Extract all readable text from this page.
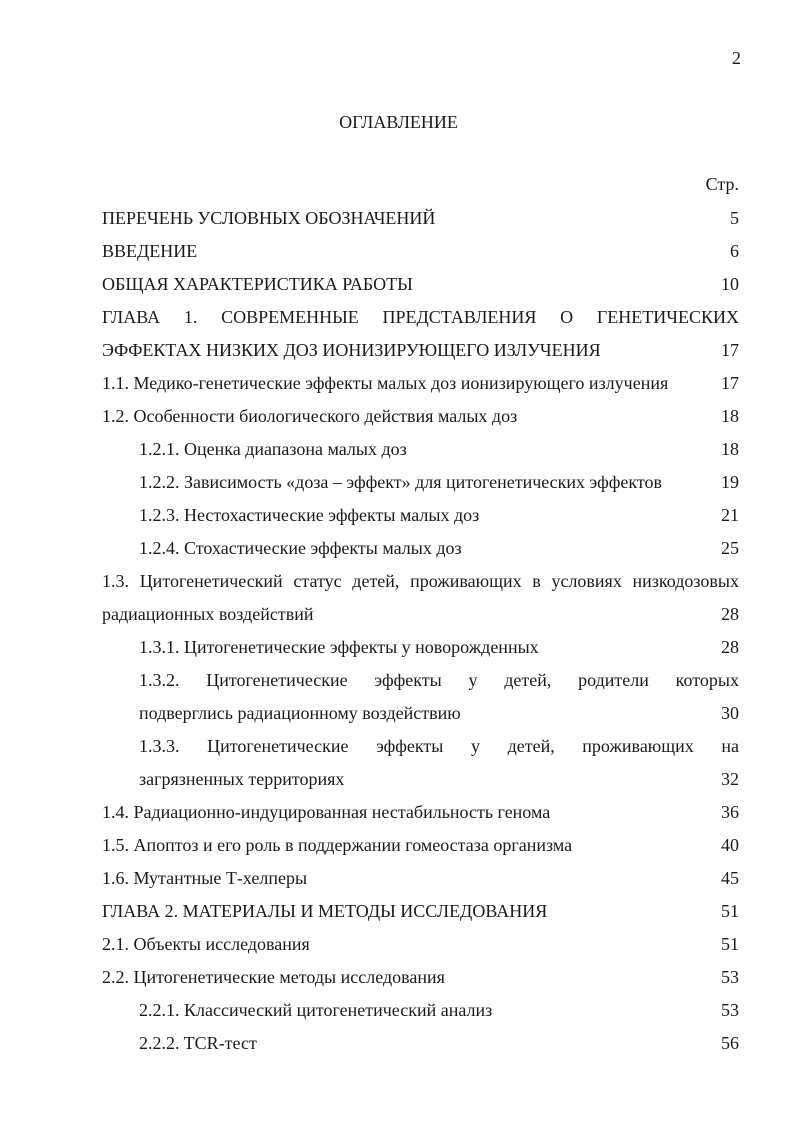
2
ОГЛАВЛЕНИЕ
Стр.
ПЕРЕЧЕНЬ УСЛОВНЫХ ОБОЗНАЧЕНИЙ	5
ВВЕДЕНИЕ	6
ОБЩАЯ ХАРАКТЕРИСТИКА РАБОТЫ	10
ГЛАВА 1. СОВРЕМЕННЫЕ ПРЕДСТАВЛЕНИЯ О ГЕНЕТИЧЕСКИХ
ЭФФЕКТАХ НИЗКИХ ДОЗ ИОНИЗИРУЮЩЕГО ИЗЛУЧЕНИЯ	17
1.1. Медико-генетические эффекты малых доз ионизирующего излучения	17
1.2. Особенности биологического действия малых доз	18
1.2.1. Оценка диапазона малых доз	18
1.2.2. Зависимость «доза – эффект» для цитогенетических эффектов	19
1.2.3. Нестохастические эффекты малых доз	21
1.2.4. Стохастические эффекты малых доз	25
1.3. Цитогенетический статус детей, проживающих в условиях низкодозовых
радиационных воздействий	28
1.3.1. Цитогенетические эффекты у новорожденных	28
1.3.2. Цитогенетические эффекты у детей, родители которых
подверглись радиационному воздействию	30
1.3.3. Цитогенетические эффекты у детей, проживающих на
загрязненных территориях	32
1.4. Радиационно-индуцированная нестабильность генома	36
1.5. Апоптоз и его роль в поддержании гомеостаза организма	40
1.6. Мутантные Т-хелперы	45
ГЛАВА 2. МАТЕРИАЛЫ И МЕТОДЫ ИССЛЕДОВАНИЯ	51
2.1. Объекты исследования	51
2.2. Цитогенетические методы исследования	53
2.2.1. Классический цитогенетический анализ	53
2.2.2. TCR-тест	56
